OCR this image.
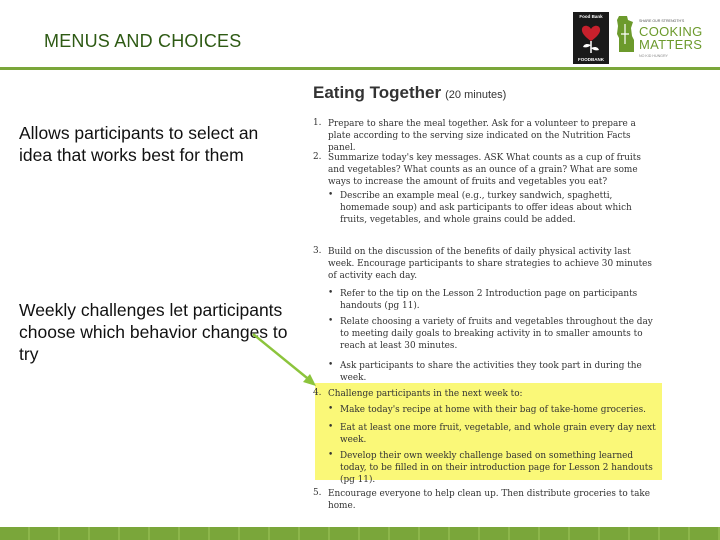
MENUS AND CHOICES
Food Bank
FOODBANK
SHARE OUR STRENGTH'S
COOKING
MATTERS
NO KID HUNGRY
Allows participants to select an idea that works best for them
Weekly challenges let participants choose which behavior changes to try
Eating Together (20 minutes)
1. Prepare to share the meal together. Ask for a volunteer to prepare a plate according to the serving size indicated on the Nutrition Facts panel.

2. Summarize today's key messages. ASK What counts as a cup of fruits and vegetables? What counts as an ounce of a grain? What are some ways to increase the amount of fruits and vegetables you eat?

• Describe an example meal (e.g., turkey sandwich, spaghetti, homemade soup) and ask participants to offer ideas about which fruits, vegetables, and whole grains could be added.

3. Build on the discussion of the benefits of daily physical activity last week. Encourage participants to share strategies to achieve 30 minutes of activity each day.

• Refer to the tip on the Lesson 2 Introduction page on participants handouts (pg 11).

• Relate choosing a variety of fruits and vegetables throughout the day to meeting daily goals to breaking activity in to smaller amounts to reach at least 30 minutes.

• Ask participants to share the activities they took part in during the week.

4. Challenge participants in the next week to:

• Make today's recipe at home with their bag of take-home groceries.

• Eat at least one more fruit, vegetable, and whole grain every day next week.

• Develop their own weekly challenge based on something learned today, to be filled in on their introduction page for Lesson 2 handouts (pg 11).

5. Encourage everyone to help clean up. Then distribute groceries to take home.
